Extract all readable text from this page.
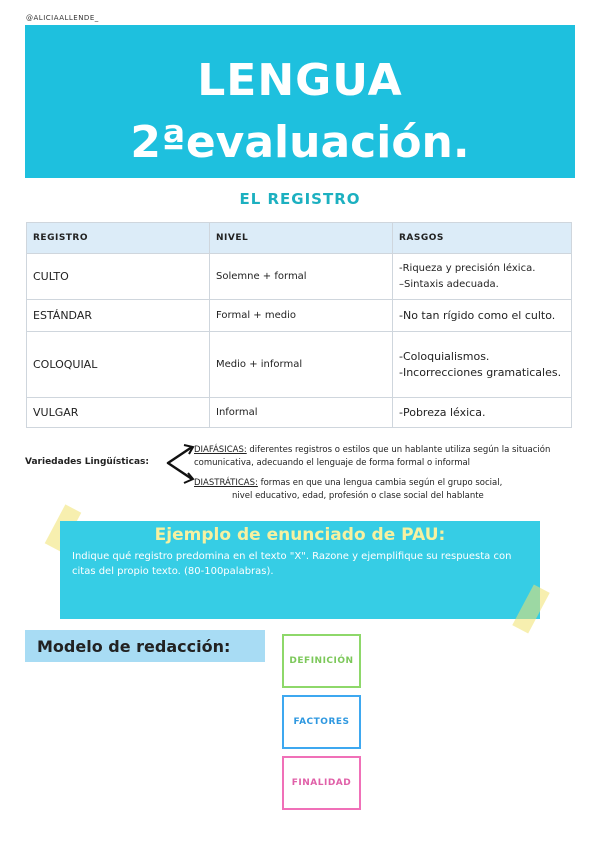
@ALICIAALLENDE_
LENGUA
2ªevaluación.
EL REGISTRO
REGISTRO	NIVEL	RASGOS
CULTO	Solemne + formal	-Riqueza y precisión léxica.
–Sintaxis adecuada.

ESTÁNDAR	Formal + medio	-No tan rígido como el culto.

COLOQUIAL	Medio + informal	-Coloquialismos.
-Incorrecciones gramaticales.

VULGAR	Informal	-Pobreza léxica.
Variedades Lingüísticas:
DIAFÁSICAS: diferentes registros o estilos que un hablante utiliza según la situación comunicativa, adecuando el lenguaje de forma formal o informal
DIASTRÁTICAS: formas en que una lengua cambia según el grupo social,
nivel educativo, edad, profesión o clase social del hablante
Ejemplo de enunciado de PAU:
Indique qué registro predomina en el texto "X". Razone y ejemplifique su respuesta con citas del propio texto. (80-100palabras).
Modelo de redacción:
DEFINICIÓN
FACTORES
FINALIDAD
